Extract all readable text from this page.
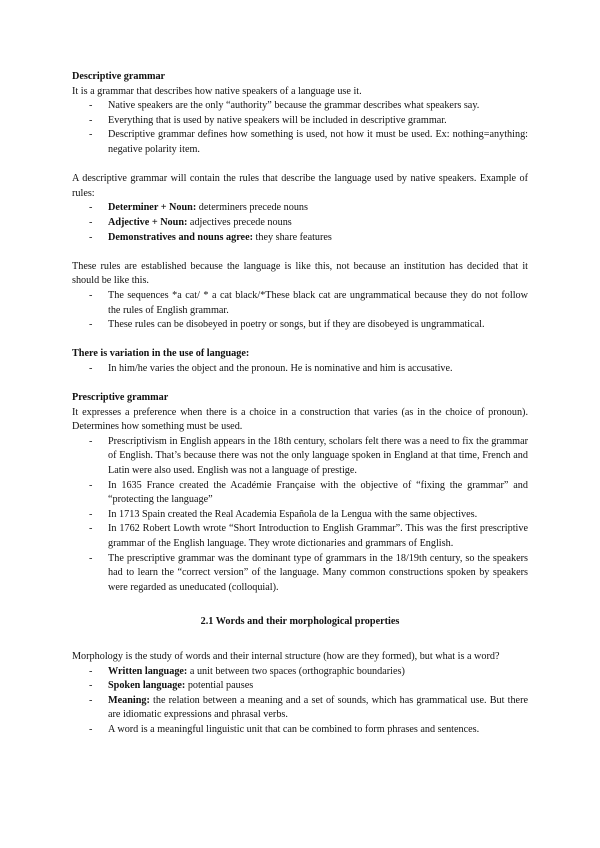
Descriptive grammar

It is a grammar that describes how native speakers of a language use it.

- Native speakers are the only “authority” because the grammar describes what speakers say.
- Everything that is used by native speakers will be included in descriptive grammar.
- Descriptive grammar defines how something is used, not how it must be used. Ex: nothing=anything: negative polarity item.

A descriptive grammar will contain the rules that describe the language used by native speakers. Example of rules:

- Determiner + Noun: determiners precede nouns
- Adjective + Noun: adjectives precede nouns
- Demonstratives and nouns agree: they share features

These rules are established because the language is like this, not because an institution has decided that it should be like this.

- The sequences *a cat/ * a cat black/*These black cat are ungrammatical because they do not follow the rules of English grammar.
- These rules can be disobeyed in poetry or songs, but if they are disobeyed is ungrammatical.

There is variation in the use of language:

- In him/he varies the object and the pronoun. He is nominative and him is accusative.

Prescriptive grammar

It expresses a preference when there is a choice in a construction that varies (as in the choice of pronoun). Determines how something must be used.

- Prescriptivism in English appears in the 18th century, scholars felt there was a need to fix the grammar of English. That’s because there was not the only language spoken in England at that time, French and Latin were also used. English was not a language of prestige.
- In 1635 France created the Académie Française with the objective of “fixing the grammar” and “protecting the language”
- In 1713 Spain created the Real Academia Española de la Lengua with the same objectives.
- In 1762 Robert Lowth wrote “Short Introduction to English Grammar”. This was the first prescriptive grammar of the English language. They wrote dictionaries and grammars of English.
- The prescriptive grammar was the dominant type of grammars in the 18/19th century, so the speakers had to learn the “correct version” of the language. Many common constructions spoken by speakers were regarded as uneducated (colloquial).

2.1 Words and their morphological properties

Morphology is the study of words and their internal structure (how are they formed), but what is a word?

- Written language: a unit between two spaces (orthographic boundaries)
- Spoken language: potential pauses
- Meaning: the relation between a meaning and a set of sounds, which has grammatical use. But there are idiomatic expressions and phrasal verbs.
- A word is a meaningful linguistic unit that can be combined to form phrases and sentences.
